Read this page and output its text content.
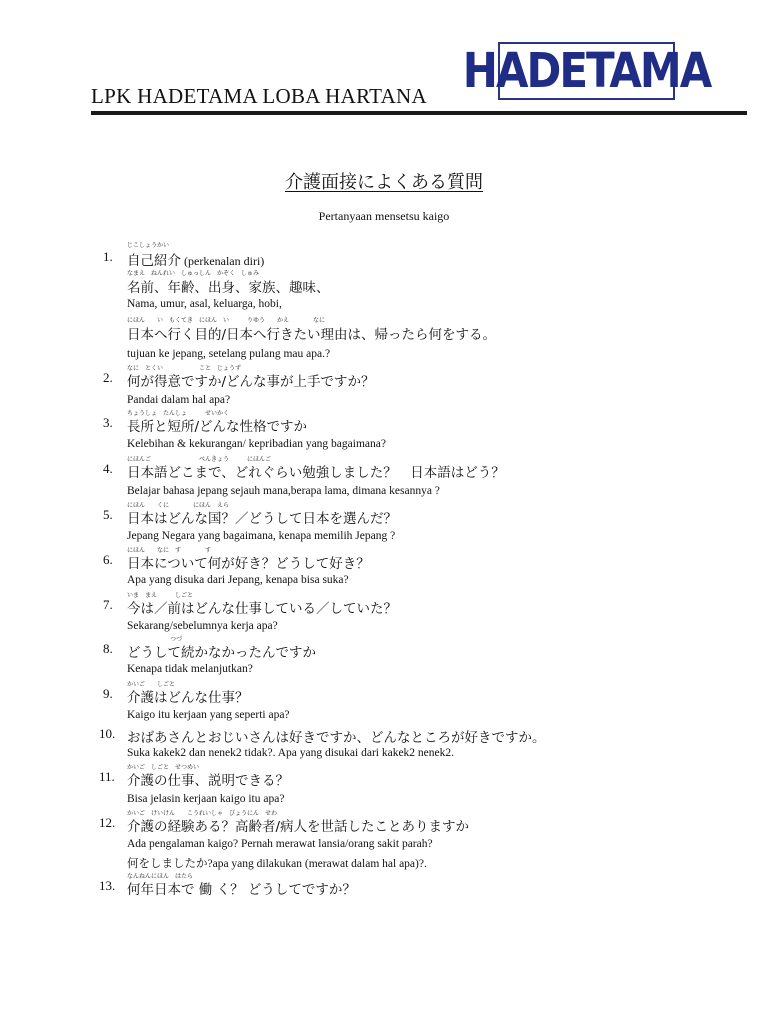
LPK HADETAMA LOBA HARTANA HADETAMA
介護面接によくある質問
Pertanyaan mensetsu kaigo
じこしょうかい
1.	自己紹介 (perkenalan diri)
なまえ　ねんれい　しゅっしん　かぞく　しゅみ
名前、年齢、出身、家族、趣味、
Nama, umur, asal, keluarga, hobi,
にほん　　い　もくてき　にほん　い　　　りゆう　　かえ　　　　なに
日本へ行く目的/日本へ行きたい理由は、帰ったら何をする。
tujuan ke jepang, setelang pulang mau apa.?
なに　とくい　　　　　　こと　じょうず
2.	何が得意ですか/どんな事が上手ですか？
Pandai dalam hal apa?
ちょうしょ　たんしょ　　　せいかく
3.	長所と短所/どんな性格ですか
Kelebihan & kekurangan/ kepribadian yang bagaimana?
にほんご　　　　　　　　べんきょう　　　にほんご
4.	日本語どこまで、どれぐらい勉強しました？　日本語はどう？
Belajar bahasa jepang sejauh mana,berapa lama, dimana kesannya ?
にほん　　くに　　　　にほん　えら
5.	日本はどんな国？／どうして日本を選んだ？
Jepang Negara yang bagaimana, kenapa memilih Jepang ?
にほん　　なに　す　　　　す
6.	日本について何が好き？どうして好き？
Apa yang disuka dari Jepang, kenapa bisa suka?
いま　まえ　　　しごと
7.	今は／前はどんな仕事している／していた？
Sekarang/sebelumnya kerja apa?
つづ
8.	どうして続かなかったんですか
Kenapa tidak melanjutkan?
かいご　　しごと
9.	介護はどんな仕事？
Kaigo itu kerjaan yang seperti apa?
10. おばあさんとおじいさんは好きですか、どんなところが好きですか。
Suka kakek2 dan nenek2 tidak?. Apa yang disukai dari kakek2 nenek2.
かいご　しごと　せつめい
11. 介護の仕事、説明できる？
Bisa jelasin kerjaan kaigo itu apa?
かいご　けいけん　　こうれいしゃ　びょうにん　せわ
12. 介護の経験ある？高齢者/病人を世話したことありますか
Ada pengalaman kaigo? Pernah merawat lansia/orang sakit parah?
何をしましたか?apa yang dilakukan (merawat dalam hal apa)?.
なんねんにほん　はたら
13. 何年日本で 働 く？ どうしてですか？
